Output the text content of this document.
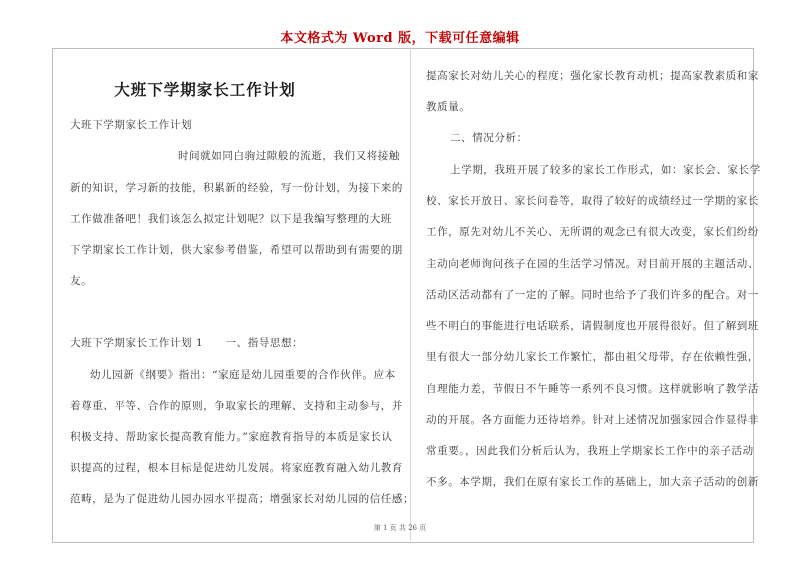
本文格式为 Word 版，下载可任意编辑
大班下学期家长工作计划
大班下学期家长工作计划
时间就如同白驹过隙般的流逝，我们又将接触
新的知识，学习新的技能，积累新的经验，写一份计划，为接下来的
工作做准备吧！我们该怎么拟定计划呢？以下是我编写整理的大班
下学期家长工作计划，供大家参考借鉴，希望可以帮助到有需要的朋
友。
大班下学期家长工作计划 1　　一、指导思想：
幼儿园新《纲要》指出：“家庭是幼儿园重要的合作伙伴。应本
着尊重、平等、合作的原则，争取家长的理解、支持和主动参与，并
积极支持、帮助家长提高教育能力。”家庭教育指导的本质是家长认
识提高的过程，根本目标是促进幼儿发展。将家庭教育融入幼儿教育
范畴，是为了促进幼儿园办园水平提高；增强家长对幼儿园的信任感；
提高家长对幼儿关心的程度；强化家长教育动机；提高家教素质和家
教质量。
二、情况分析：
上学期，我班开展了较多的家长工作形式，如：家长会、家长学
校、家长开放日、家长问卷等，取得了较好的成绩经过一学期的家长
工作，原先对幼儿不关心、无所谓的观念已有很大改变，家长们纷纷
主动向老师询问孩子在园的生活学习情况。对目前开展的主题活动、
活动区活动都有了一定的了解。同时也给予了我们许多的配合。对一
些不明白的事能进行电话联系，请假制度也开展得很好。但了解到班
里有很大一部分幼儿家长工作繁忙，都由祖父母带，存在依赖性强，
自理能力差，节假日不午睡等一系列不良习惯。这样就影响了教学活
动的开展。各方面能力还待培养。针对上述情况加强家园合作显得非
常重要。，因此我们分析后认为，我班上学期家长工作中的亲子活动
不多。本学期，我们在原有家长工作的基础上，加大亲子活动的创新
第 1 页 共 26 页
